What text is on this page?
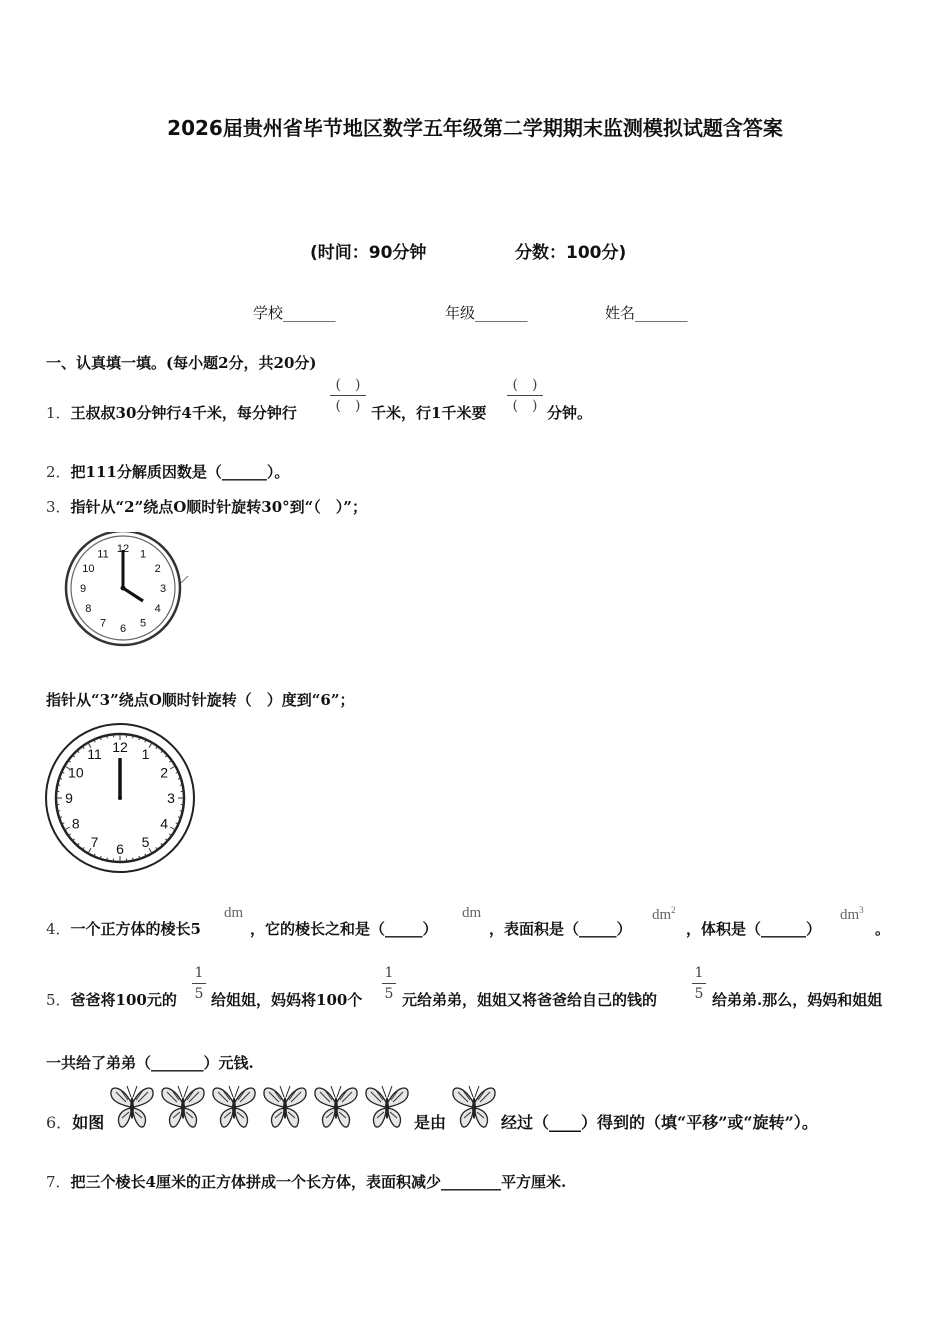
2026届贵州省毕节地区数学五年级第二学期期末监测模拟试题含答案
(时间：90分钟	分数：100分)
学校_______	年级_______	姓名_______
一、认真填一填。(每小题2分，共20分)
1．王叔叔30分钟行4千米，每分钟行
(　)
(　) 千米，行1千米要
(　)
(　) 分钟。
2．把111分解质因数是（______）。
3．指针从“2”绕点O顺时针旋转30°到“（　）”；
12 1
2
3
4
5
6
7
8
9
10
11
指针从“3”绕点O顺时针旋转（　）度到“6”；
12 1
2
3
4
5
6
7
8
9
10
11
4．一个正方体的棱长5
dm
，它的棱长之和是（_____）
dm
，表面积是（_____）
$dm^2$
，体积是（______）
$dm^3$
。
5．爸爸将100元的
1
5 给姐姐，妈妈将100个
1
5 元给弟弟，姐姐又将爸爸给自己的钱的
1
5 给弟弟.那么，妈妈和姐姐
一共给了弟弟（_______）元钱.
6．如图	是由	经过（____）得到的（填“平移”或“旋转”）。
7．把三个棱长4厘米的正方体拼成一个长方体，表面积减少________平方厘米.
